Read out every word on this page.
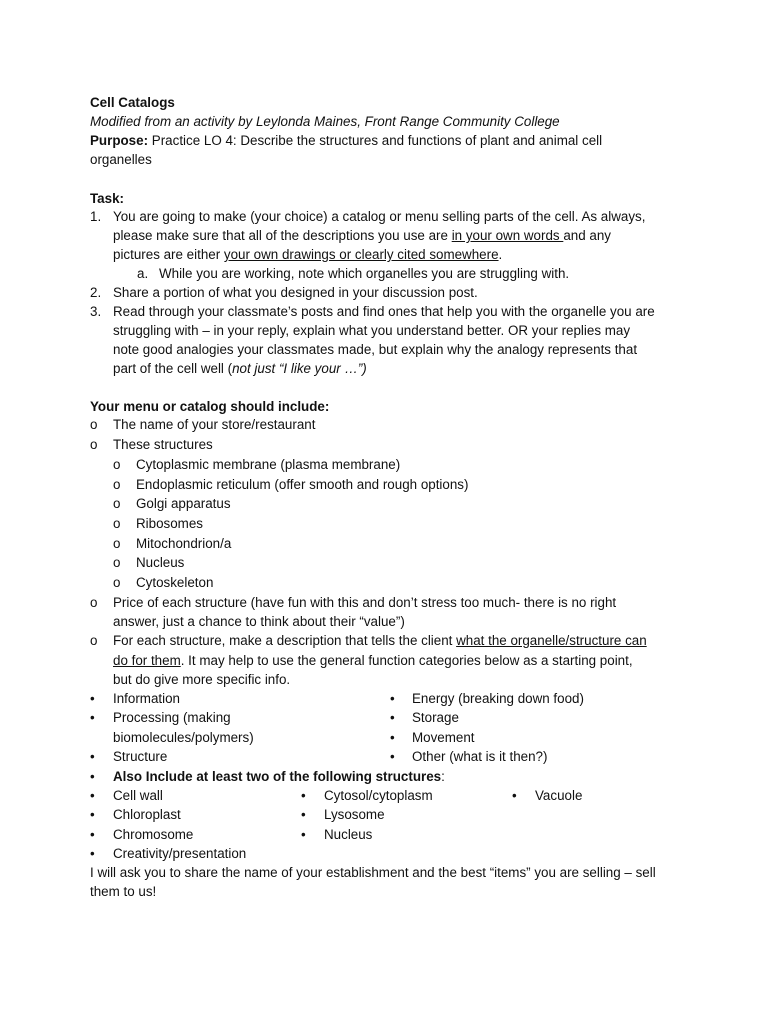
Cell Catalogs
Modified from an activity by Leylonda Maines, Front Range Community College
Purpose: Practice LO 4: Describe the structures and functions of plant and animal cell
organelles
Task:
1. You are going to make (your choice) a catalog or menu selling parts of the cell. As always,
please make sure that all of the descriptions you use are in your own words and any
pictures are either your own drawings or clearly cited somewhere.
a. While you are working, note which organelles you are struggling with.
2. Share a portion of what you designed in your discussion post.
3. Read through your classmate’s posts and find ones that help you with the organelle you are
struggling with – in your reply, explain what you understand better. OR your replies may
note good analogies your classmates made, but explain why the analogy represents that
part of the cell well (not just “I like your …”)
Your menu or catalog should include:
o The name of your store/restaurant
o These structures
o Cytoplasmic membrane (plasma membrane)
o Endoplasmic reticulum (offer smooth and rough options)
o Golgi apparatus
o Ribosomes
o Mitochondrion/a
o Nucleus
o Cytoskeleton
o Price of each structure (have fun with this and don’t stress too much- there is no right
answer, just a chance to think about their “value”)
o For each structure, make a description that tells the client what the organelle/structure can
do for them. It may help to use the general function categories below as a starting point,
but do give more specific info.
• Information
• Processing (making
biomolecules/polymers)
• Structure
• Energy (breaking down food)
• Storage
• Movement
• Other (what is it then?)
• Also Include at least two of the following structures:
• Cell wall
• Chloroplast
• Chromosome
• Cytosol/cytoplasm
• Lysosome
• Nucleus
• Vacuole
• Creativity/presentation
I will ask you to share the name of your establishment and the best “items” you are selling – sell
them to us!
